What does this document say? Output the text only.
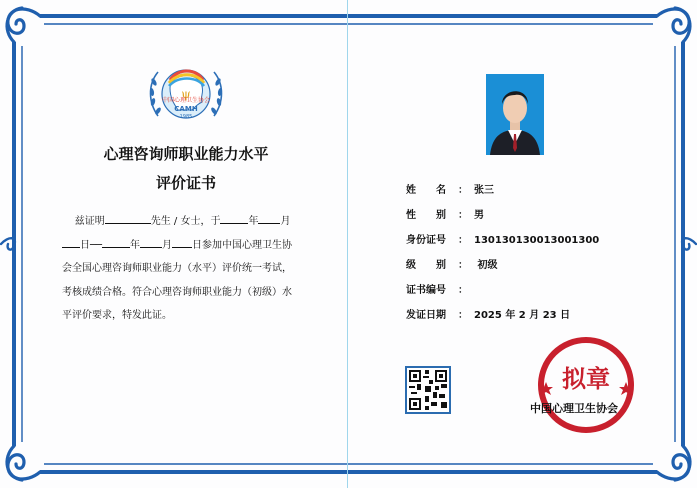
ψ
中国心理卫生协会
CAMH
1985
心理咨询师职业能力水平
评价证书
兹证明	先生 / 女士，于	年 月
日──	年 月 日参加中国心理卫生协
会全国心理咨询师职业能力（水平）评价统一考试，
考核成绩合格。符合心理咨询师职业能力（初级）水
平评价要求，特发此证。
姓　　名 ： 张三
性　　别 ： 男
身份证号 ： 130130130013001300
级　　别 ： 初级
证书编号 ：
发证日期 ： 2025 年 2 月 23 日
拟章
中国心理卫生协会
